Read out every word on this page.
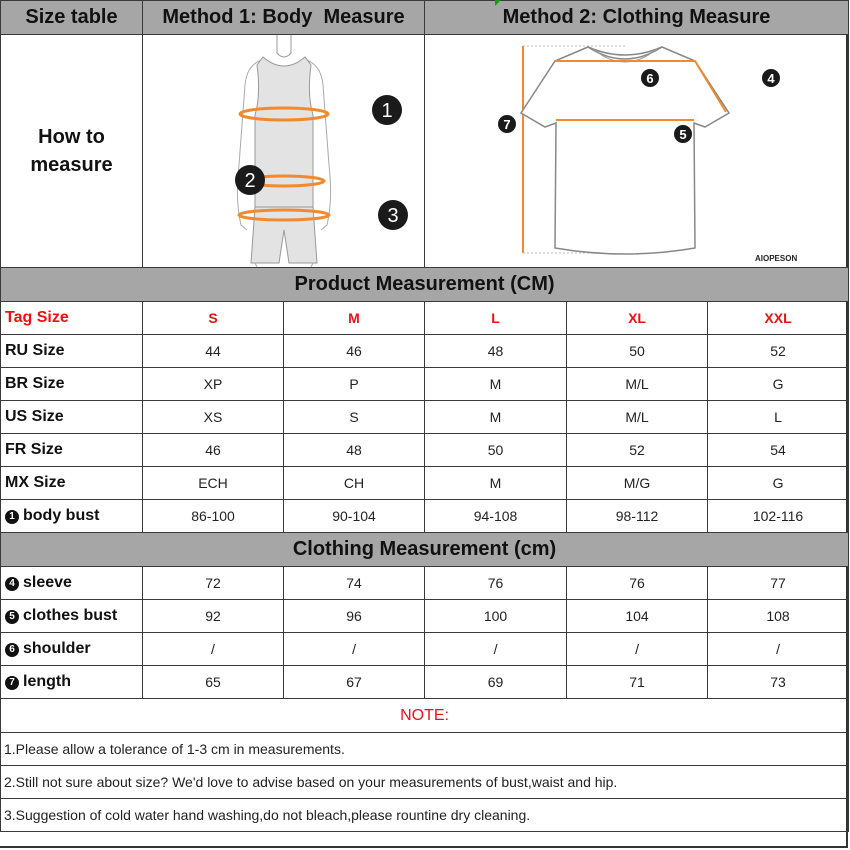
Size table	Method 1: Body  Measure		Method 2: Clothing Measure		

How to
measure

1
2
3

6	4
7
5
AIOPESON

Product Measurement (CM)					
Tag Size	S	M	L	XL	XXL
RU Size	44	46	48	50	52
BR Size	XP	P	M	M/L	G
US Size	XS	S	M	M/L	L
FR Size	46	48	50	52	54
MX Size	ECH	CH	M	M/G	G
1 body bust	86-100	90-104	94-108	98-112	102-116
Clothing Measurement (cm)					
4 sleeve	72	74	76	76	77
5 clothes bust	92	96	100	104	108
6 shoulder	/	/	/	/	/
7 length	65	67	69	71	73
NOTE:					
1.Please allow a tolerance of 1-3 cm in measurements.					
2.Still not sure about size? We'd love to advise based on your measurements of bust,waist and hip.					
3.Suggestion of cold water hand washing,do not bleach,please rountine dry cleaning.					
